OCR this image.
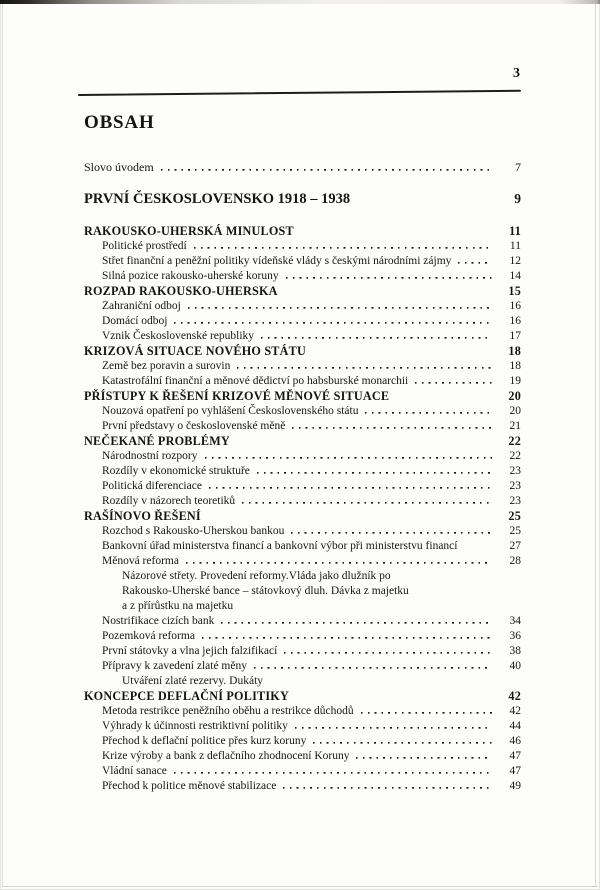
3
OBSAH
Slovo úvodem	7
PRVNÍ ČESKOSLOVENSKO 1918 – 1938	9
RAKOUSKO-UHERSKÁ MINULOST	11
Politické prostředí	11
Střet finanční a peněžní politiky vídeňské vlády s českými národními zájmy	12
Silná pozice rakousko-uherské koruny	14
ROZPAD RAKOUSKO-UHERSKA	15
Zahraniční odboj	16
Domácí odboj	16
Vznik Československé republiky	17
KRIZOVÁ SITUACE NOVÉHO STÁTU	18
Země bez poravin a surovin	18
Katastrofální finanční a měnové dědictví po habsburské monarchii	19
PŘÍSTUPY K ŘEŠENÍ KRIZOVÉ MĚNOVÉ SITUACE	20
Nouzová opatření po vyhlášení Československého státu	20
První představy o československé měně	21
NEČEKANÉ PROBLÉMY	22
Národnostní rozpory	22
Rozdíly v ekonomické struktuře	23
Politická diferenciace	23
Rozdíly v názorech teoretiků	23
RAŠÍNOVO ŘEŠENÍ	25
Rozchod s Rakousko-Uherskou bankou	25
Bankovní úřad ministerstva financí a bankovní výbor při ministerstvu financí	27
Měnová reforma	28
Názorové střety. Provedení reformy.Vláda jako dlužník po
Rakousko-Uherské bance – státovkový dluh. Dávka z majetku
a z přírůstku na majetku
Nostrifikace cizích bank	34
Pozemková reforma	36
První státovky a vlna jejich falzifikací	38
Přípravy k zavedení zlaté měny	40
Utváření zlaté rezervy. Dukáty
KONCEPCE DEFLAČNÍ POLITIKY	42
Metoda restrikce peněžního oběhu a restrikce důchodů	42
Výhrady k účinnosti restriktivní politiky	44
Přechod k deflační politice přes kurz koruny	46
Krize výroby a bank z deflačního zhodnocení Koruny	47
Vládní sanace	47
Přechod k politice měnové stabilizace	49
